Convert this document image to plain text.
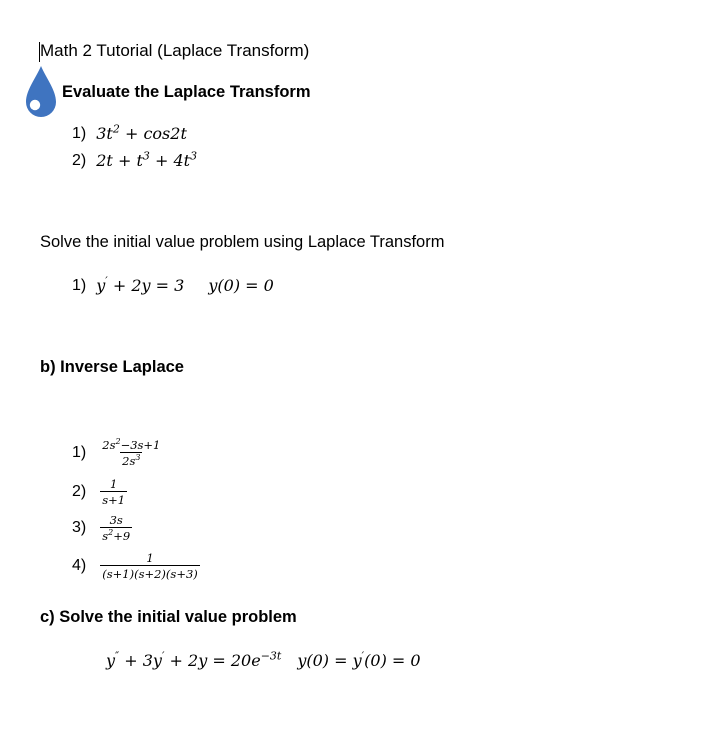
Math 2 Tutorial (Laplace Transform)
Evaluate the Laplace Transform
1) $3t^2 + \cos 2t$
2) $2t + t^3 + 4t^3$
Solve the initial value problem using Laplace Transform
1) y′ + 2y = 3 y(0) = 0
b) Inverse Laplace
$1) \frac{2s^2-3s+1}{2s^3}$
$2) \frac{1}{s+1}$
$3) \frac{3s}{s^2+9}$
$4) \frac{1}{(s+1)(s+2)(s+3)}$
c) Solve the initial value problem
$y'' + 3y' + 2y = 20e^{-3t}$ y(0) = y′(0) = 0
